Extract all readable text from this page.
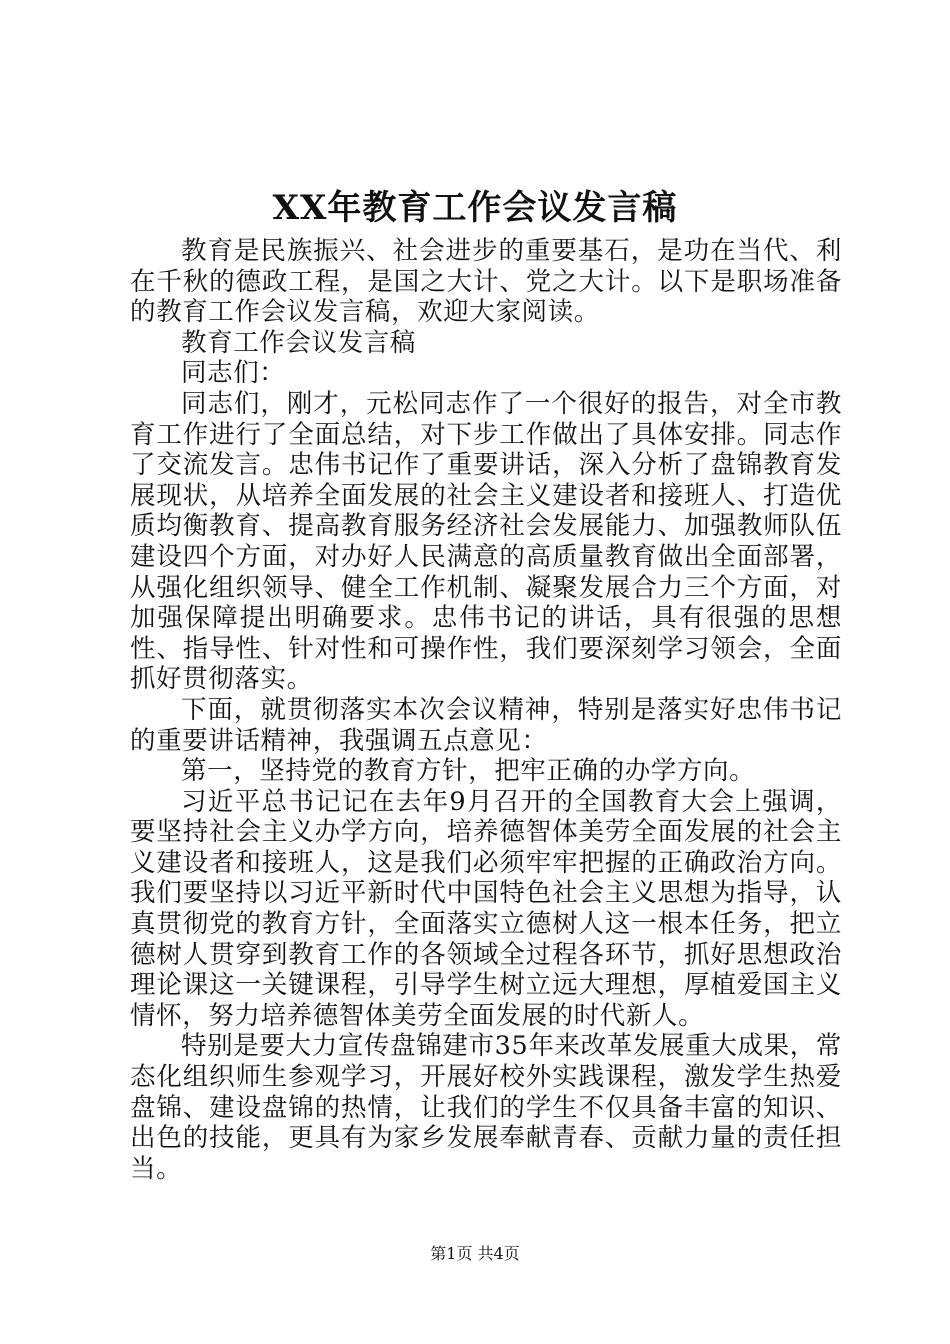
XX年教育工作会议发言稿

教育是民族振兴、社会进步的重要基石，是功在当代、利在千秋的德政工程，是国之大计、党之大计。以下是职场准备的教育工作会议发言稿，欢迎大家阅读。

教育工作会议发言稿

同志们：

同志们，刚才，元松同志作了一个很好的报告，对全市教育工作进行了全面总结，对下步工作做出了具体安排。同志作了交流发言。忠伟书记作了重要讲话，深入分析了盘锦教育发展现状，从培养全面发展的社会主义建设者和接班人、打造优质均衡教育、提高教育服务经济社会发展能力、加强教师队伍建设四个方面，对办好人民满意的高质量教育做出全面部署，从强化组织领导、健全工作机制、凝聚发展合力三个方面，对加强保障提出明确要求。忠伟书记的讲话，具有很强的思想性、指导性、针对性和可操作性，我们要深刻学习领会，全面抓好贯彻落实。

下面，就贯彻落实本次会议精神，特别是落实好忠伟书记的重要讲话精神，我强调五点意见：

第一，坚持党的教育方针，把牢正确的办学方向。

习近平总书记记在去年9月召开的全国教育大会上强调，要坚持社会主义办学方向，培养德智体美劳全面发展的社会主义建设者和接班人，这是我们必须牢牢把握的正确政治方向。我们要坚持以习近平新时代中国特色社会主义思想为指导，认真贯彻党的教育方针，全面落实立德树人这一根本任务，把立德树人贯穿到教育工作的各领域全过程各环节，抓好思想政治理论课这一关键课程，引导学生树立远大理想，厚植爱国主义情怀，努力培养德智体美劳全面发展的时代新人。

特别是要大力宣传盘锦建市35年来改革发展重大成果，常态化组织师生参观学习，开展好校外实践课程，激发学生热爱盘锦、建设盘锦的热情，让我们的学生不仅具备丰富的知识、出色的技能，更具有为家乡发展奉献青春、贡献力量的责任担当。

第1页 共4页
